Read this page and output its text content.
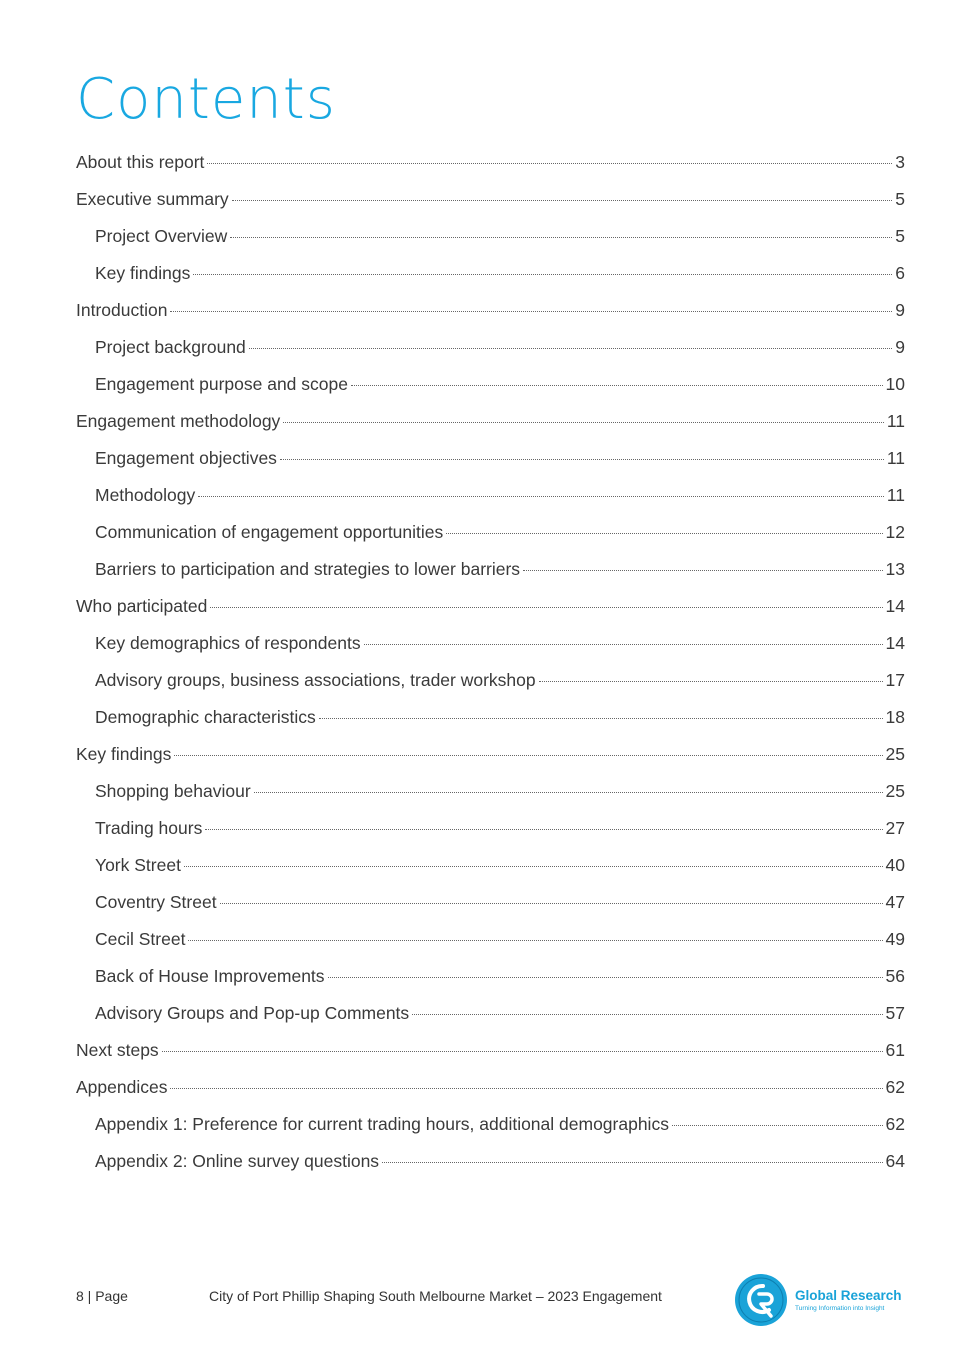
Contents
About this report	3
Executive summary	5
Project Overview	5
Key findings	6
Introduction	9
Project background	9
Engagement purpose and scope	10
Engagement methodology	11
Engagement objectives	11
Methodology	11
Communication of engagement opportunities	12
Barriers to participation and strategies to lower barriers	13
Who participated	14
Key demographics of respondents	14
Advisory groups, business associations, trader workshop	17
Demographic characteristics	18
Key findings	25
Shopping behaviour	25
Trading hours	27
York Street	40
Coventry Street	47
Cecil Street	49
Back of House Improvements	56
Advisory Groups and Pop-up Comments	57
Next steps	61
Appendices	62
Appendix 1: Preference for current trading hours, additional demographics	62
Appendix 2: Online survey questions	64
8 | Page	City of Port Phillip Shaping South Melbourne Market – 2023 Engagement	Global Research
Turning Information into Insight
